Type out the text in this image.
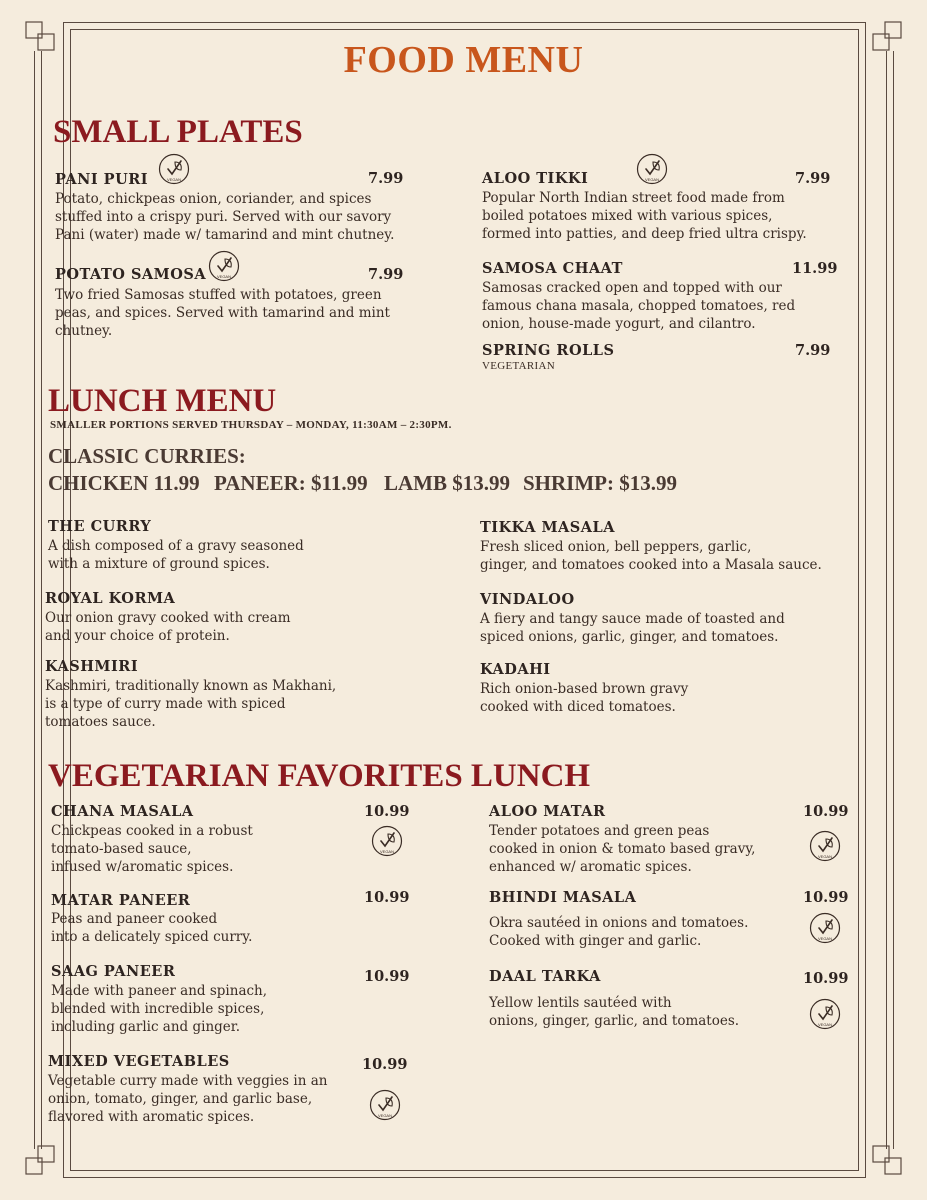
FOOD MENU
SMALL PLATES
PANI PURI	VEGAN	7.99
Potato, chickpeas onion, coriander, and spices
stuffed into a crispy puri. Served with our savory
Pani (water) made w/ tamarind and mint chutney.
POTATO SAMOSA	VEGAN	7.99
Two fried Samosas stuffed with potatoes, green
peas, and spices. Served with tamarind and mint
chutney.
ALOO TIKKI	VEGAN	7.99
Popular North Indian street food made from
boiled potatoes mixed with various spices,
formed into patties, and deep fried ultra crispy.
SAMOSA CHAAT	11.99
Samosas cracked open and topped with our
famous chana masala, chopped tomatoes, red
onion, house-made yogurt, and cilantro.
SPRING ROLLS	7.99
VEGETARIAN
LUNCH MENU
SMALLER PORTIONS SERVED THURSDAY – MONDAY, 11:30AM – 2:30PM.
CLASSIC CURRIES:
CHICKEN 11.99 PANEER: $11.99 LAMB $13.99 SHRIMP: $13.99
THE CURRY
A dish composed of a gravy seasoned
with a mixture of ground spices.
ROYAL KORMA
Our onion gravy cooked with cream
and your choice of protein.
KASHMIRI
Kashmiri, traditionally known as Makhani,
is a type of curry made with spiced
tomatoes sauce.
TIKKA MASALA
Fresh sliced onion, bell peppers, garlic,
ginger, and tomatoes cooked into a Masala sauce.
VINDALOO
A fiery and tangy sauce made of toasted and
spiced onions, garlic, ginger, and tomatoes.
KADAHI
Rich onion-based brown gravy
cooked with diced tomatoes.
VEGETARIAN FAVORITES LUNCH
CHANA MASALA	10.99
Chickpeas cooked in a robust
tomato-based sauce,
infused w/aromatic spices.
VEGAN
MATAR PANEER	10.99
Peas and paneer cooked
into a delicately spiced curry.
SAAG PANEER	10.99
Made with paneer and spinach,
blended with incredible spices,
including garlic and ginger.
MIXED VEGETABLES	10.99
Vegetable curry made with veggies in an
onion, tomato, ginger, and garlic base,
flavored with aromatic spices.	VEGAN
ALOO MATAR	10.99
Tender potatoes and green peas
cooked in onion & tomato based gravy,
enhanced w/ aromatic spices.
VEGAN
BHINDI MASALA	10.99
Okra sautéed in onions and tomatoes.
Cooked with ginger and garlic.	VEGAN
DAAL TARKA	10.99
Yellow lentils sautéed with
onions, ginger, garlic, and tomatoes.	VEGAN
